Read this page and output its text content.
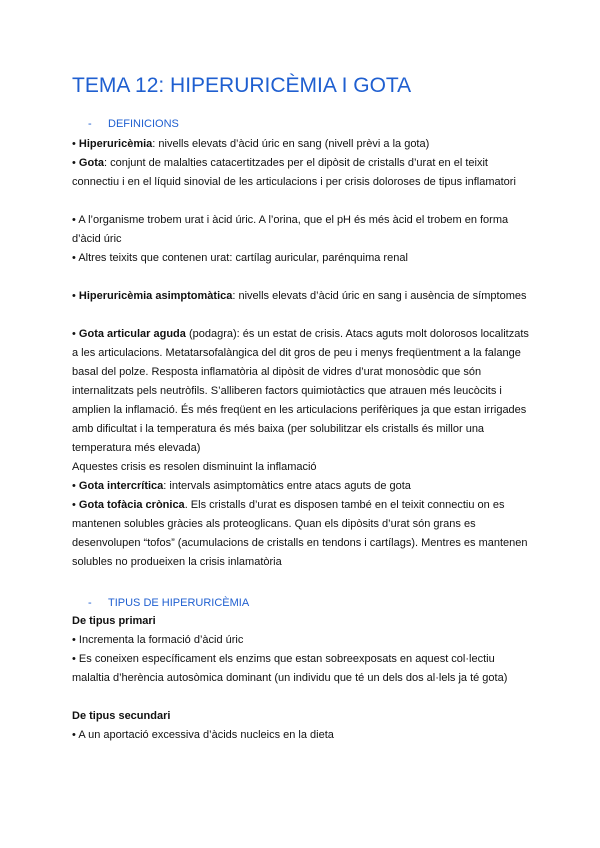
TEMA 12: HIPERURICÈMIA I GOTA
- DEFINICIONS

• Hiperuricèmia: nivells elevats d’àcid úric en sang (nivell prèvi a la gota)

• Gota: conjunt de malalties catacertitzades per el dipòsit de cristalls d’urat en el teixit connectiu i en el líquid sinovial de les articulacions i per crisis doloroses de tipus inflamatori

• A l’organisme trobem urat i àcid úric. A l’orina, que el pH és més àcid el trobem en forma d’àcid úric

• Altres teixits que contenen urat: cartílag auricular, parénquima renal

• Hiperuricèmia asimptomàtica: nivells elevats d’àcid úric en sang i ausència de símptomes

• Gota articular aguda (podagra): és un estat de crisis. Atacs aguts molt dolorosos localitzats a les articulacions. Metatarsofalàngica del dit gros de peu i menys freqüentment a la falange basal del polze. Resposta inflamatòria al dipòsit de vidres d’urat monosòdic que són internalitzats pels neutròfils. S’alliberen factors quimiotàctics que atrauen més leucòcits i amplien la inflamació. És més freqüent en les articulacions perifèriques ja que estan irrigades amb dificultat i la temperatura és més baixa (per solubilitzar els cristalls és millor una temperatura més elevada)

Aquestes crisis es resolen disminuint la inflamació

• Gota intercrítica: intervals asimptomàtics entre atacs aguts de gota

• Gota tofàcia crònica. Els cristalls d’urat es disposen també en el teixit connectiu on es mantenen solubles gràcies als proteoglicans. Quan els dipòsits d’urat són grans es desenvolupen “tofos” (acumulacions de cristalls en tendons i cartílags). Mentres es mantenen solubles no produeixen la crisis inlamatòria

- TIPUS DE HIPERURICÈMIA

De tipus primari

• Incrementa la formació d’àcid úric

• Es coneixen específicament els enzims que estan sobreexposats en aquest col·lectiu malaltia d’herència autosòmica dominant (un individu que té un dels dos al·lels ja té gota)

De tipus secundari

• A un aportació excessiva d’àcids nucleics en la dieta
